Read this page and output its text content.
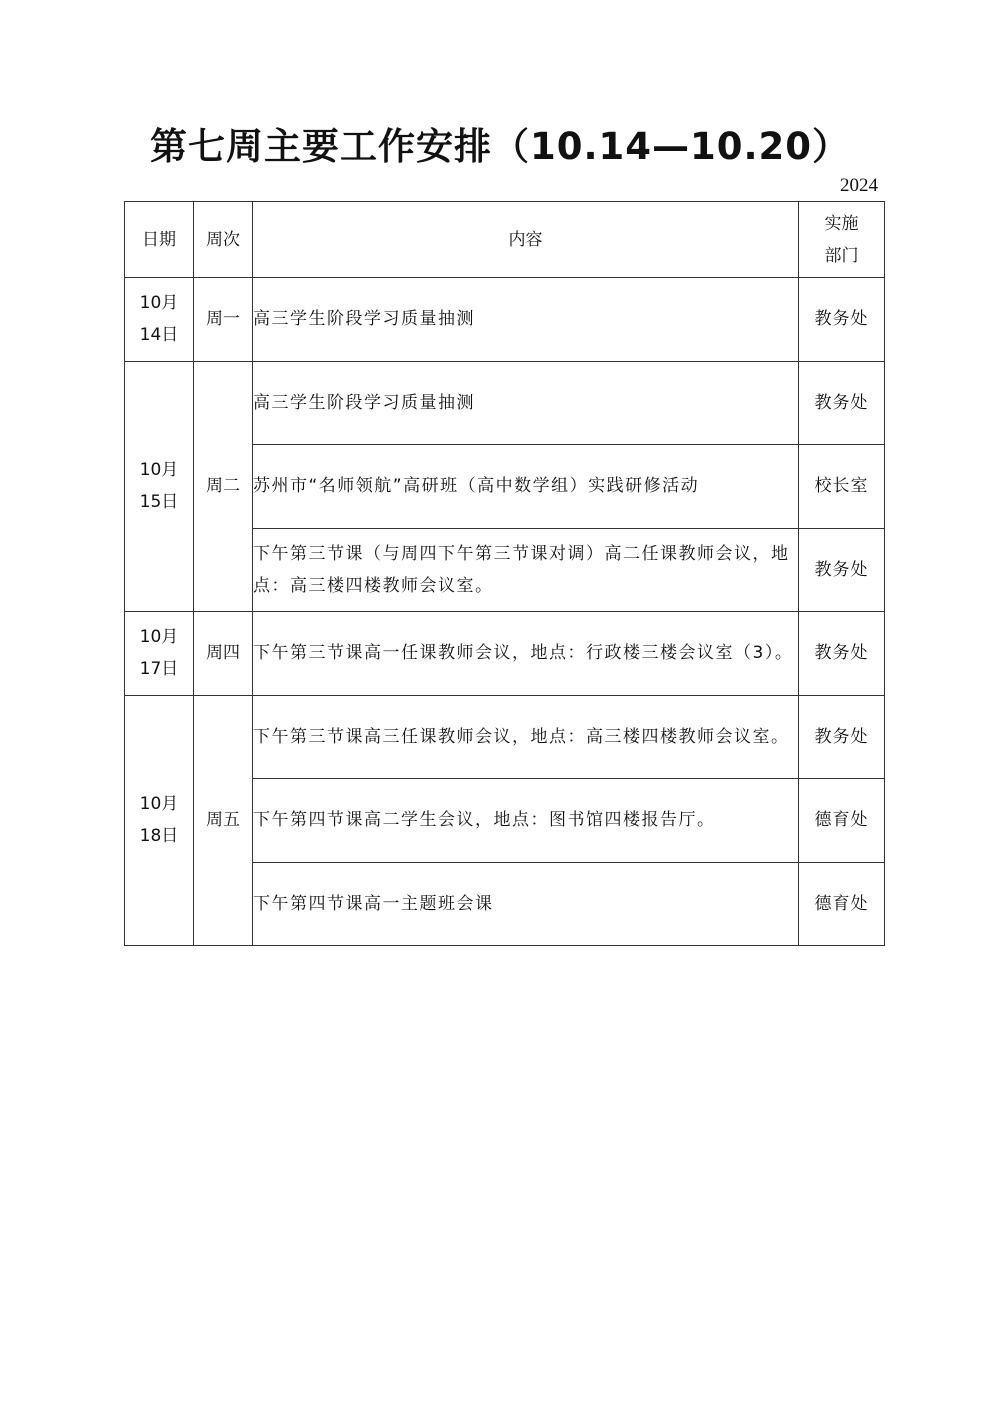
第七周主要工作安排（10.14—10.20）
2024
日期	周次	内容	实施
部门

10月
14日	周一	高三学生阶段学习质量抽测	教务处

10月
15日	周二	高三学生阶段学习质量抽测	教务处
		苏州市“名师领航”高研班（高中数学组）实践研修活动	校长室
		下午第三节课（与周四下午第三节课对调）高二任课教师会议，地点：高三楼四楼教师会议室。	教务处

10月
17日	周四	下午第三节课高一任课教师会议，地点：行政楼三楼会议室（3）。	教务处

10月
18日	周五	下午第三节课高三任课教师会议，地点：高三楼四楼教师会议室。	教务处
		下午第四节课高二学生会议，地点：图书馆四楼报告厅。	德育处
		下午第四节课高一主题班会课	德育处
